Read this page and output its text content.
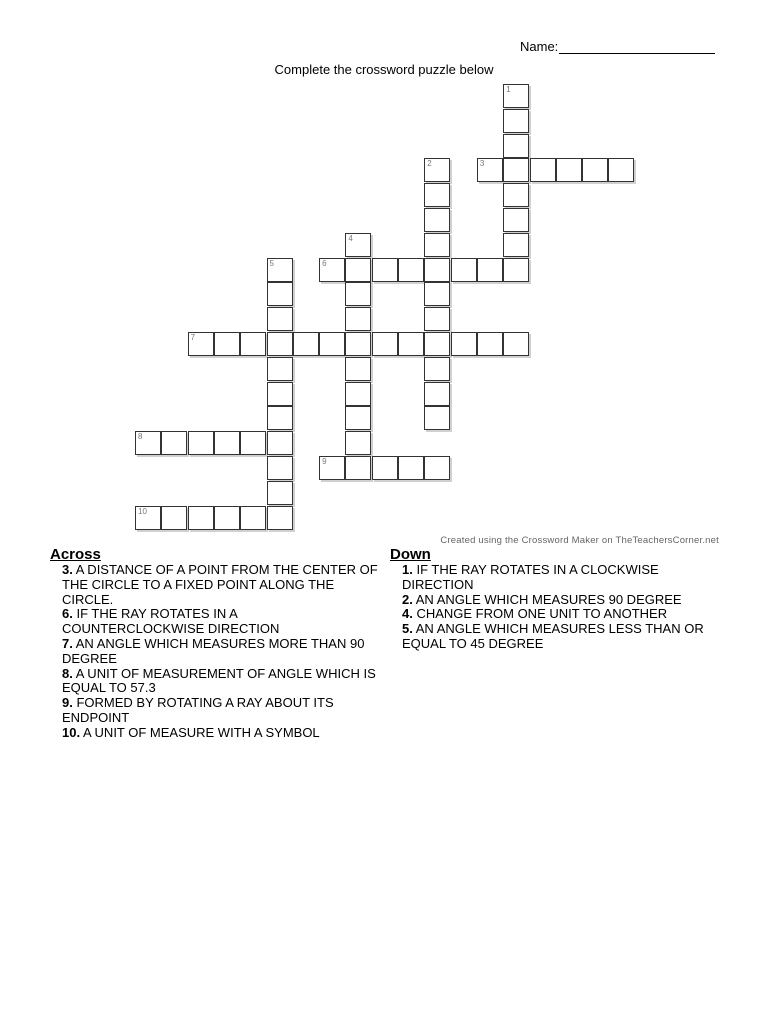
Name:
Complete the crossword puzzle below
1
2	3
4
5	6
7
8
9
10
Created using the Crossword Maker on TheTeachersCorner.net
Across
3. A DISTANCE OF A POINT FROM THE CENTER OF THE CIRCLE TO A FIXED POINT ALONG THE CIRCLE.
6. IF THE RAY ROTATES IN A COUNTERCLOCKWISE DIRECTION
7. AN ANGLE WHICH MEASURES MORE THAN 90 DEGREE
8. A UNIT OF MEASUREMENT OF ANGLE WHICH IS EQUAL TO 57.3
9. FORMED BY ROTATING A RAY ABOUT ITS ENDPOINT
10. A UNIT OF MEASURE WITH A SYMBOL
Down
1. IF THE RAY ROTATES IN A CLOCKWISE DIRECTION
2. AN ANGLE WHICH MEASURES 90 DEGREE
4. CHANGE FROM ONE UNIT TO ANOTHER
5. AN ANGLE WHICH MEASURES LESS THAN OR EQUAL TO 45 DEGREE
